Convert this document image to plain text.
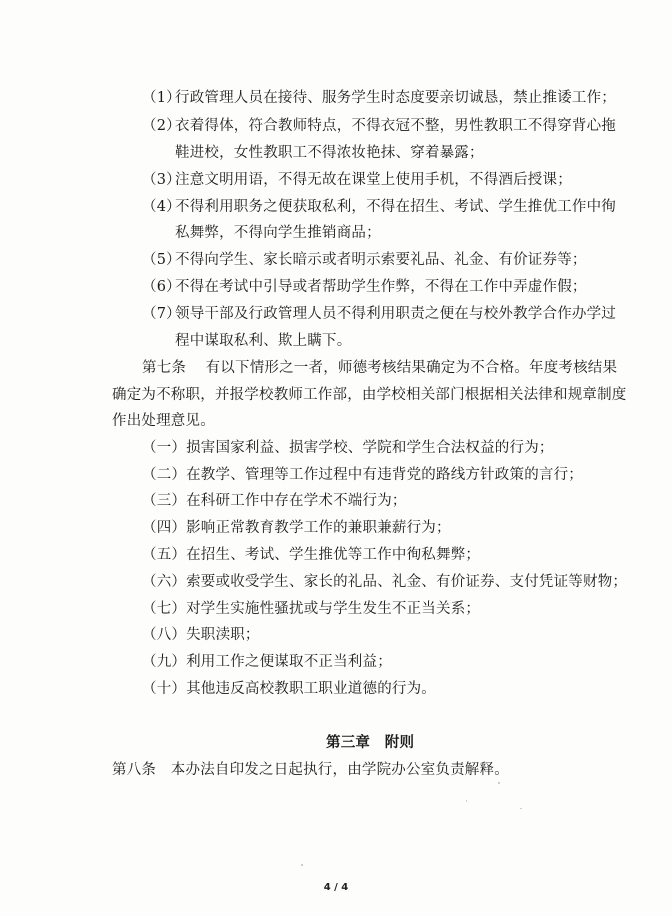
（1）
行政管理人员在接待、服务学生时态度要亲切诚恳，禁止推诿工作；
（2）
衣着得体，符合教师特点，不得衣冠不整，男性教职工不得穿背心拖
鞋进校，女性教职工不得浓妆艳抹、穿着暴露；
（3）
注意文明用语，不得无故在课堂上使用手机，不得酒后授课；
（4）
不得利用职务之便获取私利，不得在招生、考试、学生推优工作中徇
私舞弊，不得向学生推销商品；
（5）
不得向学生、家长暗示或者明示索要礼品、礼金、有价证券等；
（6）
不得在考试中引导或者帮助学生作弊，不得在工作中弄虚作假；
（7）
领导干部及行政管理人员不得利用职责之便在与校外教学合作办学过
程中谋取私利、欺上瞒下。
第七条　 有以下情形之一者，师德考核结果确定为不合格。年度考核结果
确定为不称职，并报学校教师工作部，由学校相关部门根据相关法律和规章制度
作出处理意见。
（一）损害国家利益、损害学校、学院和学生合法权益的行为；
（二）在教学、管理等工作过程中有违背党的路线方针政策的言行；
（三）在科研工作中存在学术不端行为；
（四）影响正常教育教学工作的兼职兼薪行为；
（五）在招生、考试、学生推优等工作中徇私舞弊；
（六）索要或收受学生、家长的礼品、礼金、有价证券、支付凭证等财物；
（七）对学生实施性骚扰或与学生发生不正当关系；
（八）失职渎职；
（九）利用工作之便谋取不正当利益；
（十）其他违反高校教职工职业道德的行为。
第三章　附则
第八条　本办法自印发之日起执行，由学院办公室负责解释。
4 / 4
